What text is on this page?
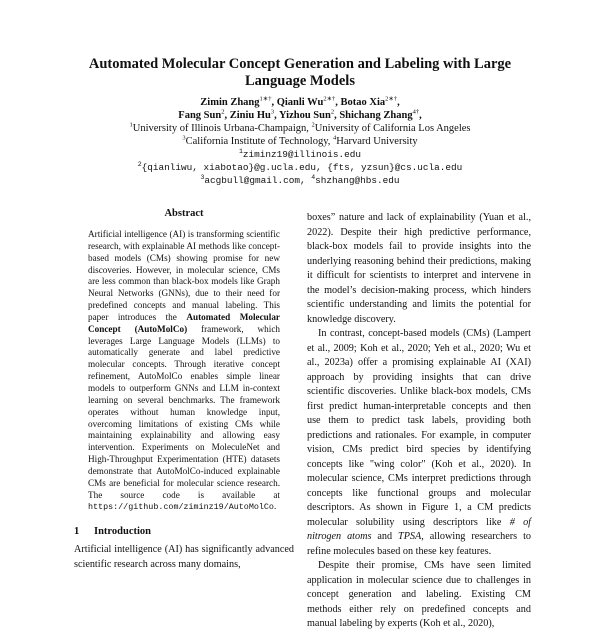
Automated Molecular Concept Generation and Labeling with Large
Language Models
Zimin Zhang$^{1∗\dagger}$, Qianli $Wu^{2∗\dagger}$, Botao Xia$^{2∗\dagger}$,
Fang Sun$^2$, Ziniu Hu$^3$, Yizhou Sun$^2$, Shichang Zhang$^{4\dagger}$,
$^1$University of Illinois Urbana-Champaign, $^2$University of California Los Angeles
$^3$California Institute of Technology, $^4$Harvard University
$^1$ziminz19@illinois.edu
$^2${qianliwu, xiabotao}@g.ucla.edu, {fts, yzsun}@cs.ucla.edu
$^3$acgbull@gmail.com, $^4$shzhang@hbs.edu
Abstract
Artificial intelligence (AI) is transforming scientific research, with explainable AI methods like concept-based models (CMs) showing promise for new discoveries. However, in molecular science, CMs are less common than black-box models like Graph Neural Networks (GNNs), due to their need for predefined concepts and manual labeling. This paper introduces the Automated Molecular Concept (AutoMolCo) framework, which leverages Large Language Models (LLMs) to automatically generate and label predictive molecular concepts. Through iterative concept refinement, AutoMolCo enables simple linear models to outperform GNNs and LLM in-context learning on several benchmarks. The framework operates without human knowledge input, overcoming limitations of existing CMs while maintaining explainability and allowing easy intervention. Experiments on MoleculeNet and High-Throughput Experimentation (HTE) datasets demonstrate that AutoMolCo-induced explainable CMs are beneficial for molecular science research. The source code is available at https://github.com/ziminz19/AutoMolCo.
1 Introduction
Artificial intelligence (AI) has significantly advanced scientific research across many domains,

boxes” nature and lack of explainability (Yuan et al., 2022). Despite their high predictive performance, black-box models fail to provide insights into the underlying reasoning behind their predictions, making it difficult for scientists to interpret and intervene in the model’s decision-making process, which hinders scientific understanding and limits the potential for knowledge discovery.

In contrast, concept-based models (CMs) (Lampert et al., 2009; Koh et al., 2020; Yeh et al., 2020; Wu et al., 2023a) offer a promising explainable AI (XAI) approach by providing insights that can drive scientific discoveries. Unlike black-box models, CMs first predict human-interpretable concepts and then use them to predict task labels, providing both predictions and rationales. For example, in computer vision, CMs predict bird species by identifying concepts like "wing color" (Koh et al., 2020). In molecular science, CMs interpret predictions through concepts like functional groups and molecular descriptors. As shown in Figure 1, a CM predicts molecular solubility using descriptors like # of nitrogen atoms and TPSA, allowing researchers to refine molecules based on these key features.

Despite their promise, CMs have seen limited application in molecular science due to challenges in concept generation and labeling. Existing CM methods either rely on predefined concepts and manual labeling by experts (Koh et al., 2020),
